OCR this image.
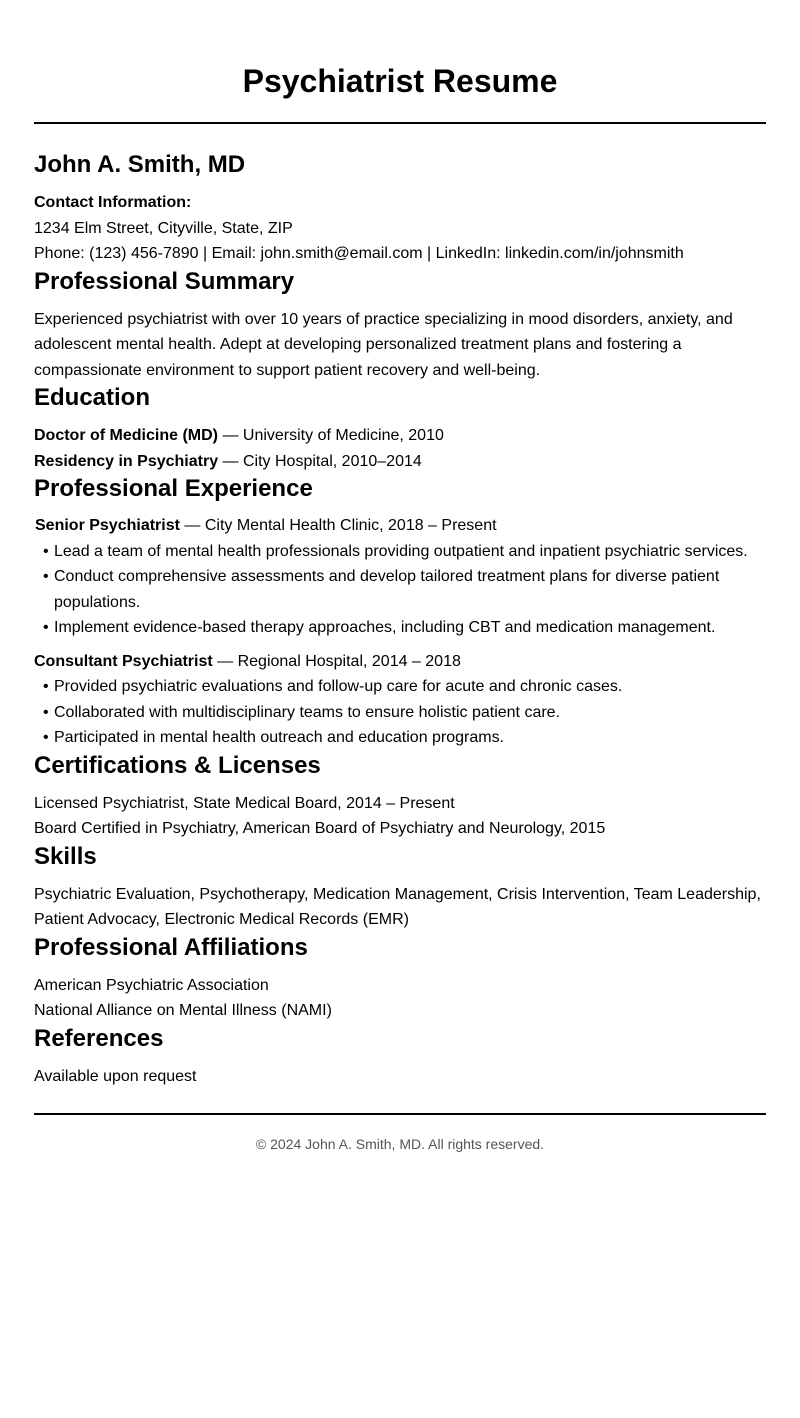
Psychiatrist Resume
John A. Smith, MD

Contact Information:

1234 Elm Street, Cityville, State, ZIP

Phone: (123) 456-7890 | Email: john.smith@email.com | LinkedIn: linkedin.com/in/johnsmith

Professional Summary

Experienced psychiatrist with over 10 years of practice specializing in mood disorders, anxiety, and adolescent mental health. Adept at developing personalized treatment plans and fostering a compassionate environment to support patient recovery and well-being.

Education

Doctor of Medicine (MD) — University of Medicine, 2010

Residency in Psychiatry — City Hospital, 2010–2014

Professional Experience

Senior Psychiatrist — City Mental Health Clinic, 2018 – Present

• Lead a team of mental health professionals providing outpatient and inpatient psychiatric services.
• Conduct comprehensive assessments and develop tailored treatment plans for diverse patient populations.
• Implement evidence-based therapy approaches, including CBT and medication management.

Consultant Psychiatrist — Regional Hospital, 2014 – 2018

• Provided psychiatric evaluations and follow-up care for acute and chronic cases.
• Collaborated with multidisciplinary teams to ensure holistic patient care.
• Participated in mental health outreach and education programs.
Certifications & Licenses

Licensed Psychiatrist, State Medical Board, 2014 – Present

Board Certified in Psychiatry, American Board of Psychiatry and Neurology, 2015

Skills

Psychiatric Evaluation, Psychotherapy, Medication Management, Crisis Intervention, Team Leadership, Patient Advocacy, Electronic Medical Records (EMR)

Professional Affiliations

American Psychiatric Association

National Alliance on Mental Illness (NAMI)

References

Available upon request

© 2024 John A. Smith, MD. All rights reserved.
